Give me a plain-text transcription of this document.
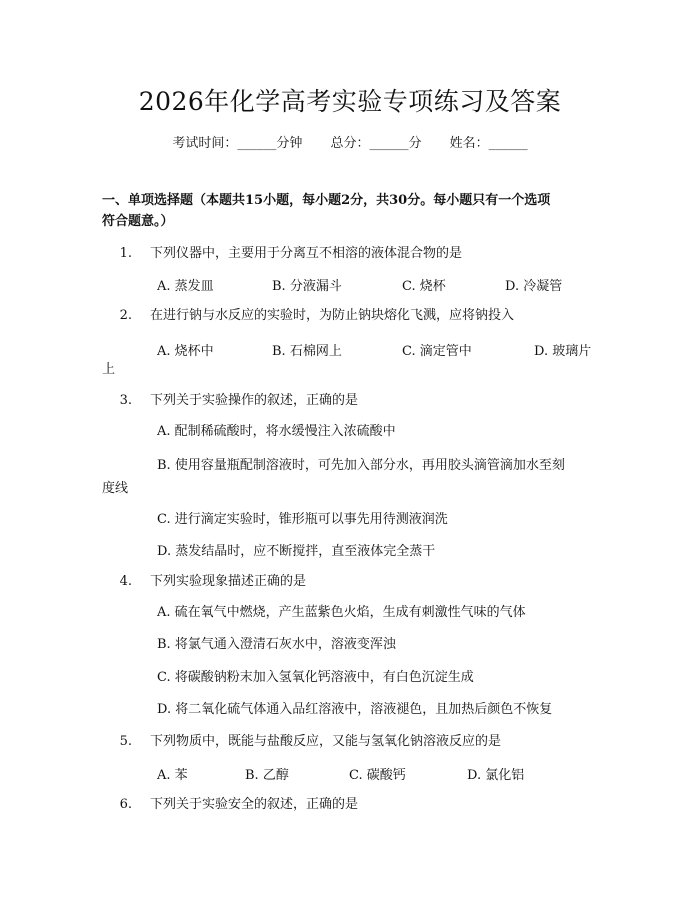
2026年化学高考实验专项练习及答案
考试时间：______分钟 总分：______分 姓名：______
一、单项选择题（本题共15小题，每小题2分，共30分。每小题只有一个选项
符合题意。）
1. 下列仪器中，主要用于分离互不相溶的液体混合物的是
A. 蒸发皿	B. 分液漏斗	C. 烧杯	D. 冷凝管
2. 在进行钠与水反应的实验时，为防止钠块熔化飞溅，应将钠投入
A. 烧杯中	B. 石棉网上	C. 滴定管中	D. 玻璃片
上
3. 下列关于实验操作的叙述，正确的是
A. 配制稀硫酸时，将水缓慢注入浓硫酸中
B. 使用容量瓶配制溶液时，可先加入部分水，再用胶头滴管滴加水至刻
度线
C. 进行滴定实验时，锥形瓶可以事先用待测液润洗
D. 蒸发结晶时，应不断搅拌，直至液体完全蒸干
4. 下列实验现象描述正确的是
A. 硫在氧气中燃烧，产生蓝紫色火焰，生成有刺激性气味的气体
B. 将氯气通入澄清石灰水中，溶液变浑浊
C. 将碳酸钠粉末加入氢氧化钙溶液中，有白色沉淀生成
D. 将二氧化硫气体通入品红溶液中，溶液褪色，且加热后颜色不恢复
5. 下列物质中，既能与盐酸反应，又能与氢氧化钠溶液反应的是
A. 苯	B. 乙醇	C. 碳酸钙	D. 氯化铝
6. 下列关于实验安全的叙述，正确的是
